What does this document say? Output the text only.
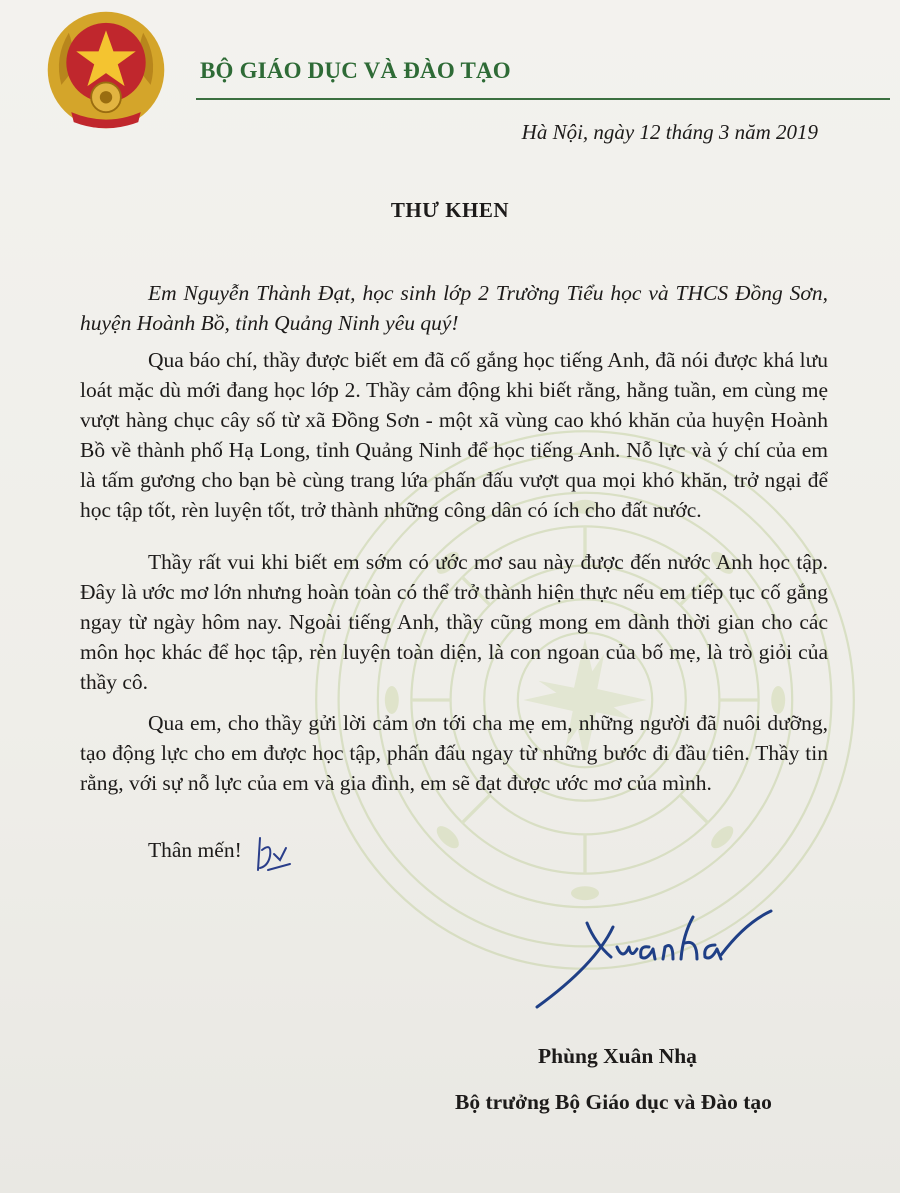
BỘ GIÁO DỤC VÀ ĐÀO TẠO
Hà Nội, ngày 12 tháng 3 năm 2019
THƯ KHEN

Em Nguyễn Thành Đạt, học sinh lớp 2 Trường Tiểu học và THCS Đồng Sơn, huyện Hoành Bồ, tỉnh Quảng Ninh yêu quý!

Qua báo chí, thầy được biết em đã cố gắng học tiếng Anh, đã nói được khá lưu loát mặc dù mới đang học lớp 2. Thầy cảm động khi biết rằng, hằng tuần, em cùng mẹ vượt hàng chục cây số từ xã Đồng Sơn - một xã vùng cao khó khăn của huyện Hoành Bồ về thành phố Hạ Long, tỉnh Quảng Ninh để học tiếng Anh. Nỗ lực và ý chí của em là tấm gương cho bạn bè cùng trang lứa phấn đấu vượt qua mọi khó khăn, trở ngại để học tập tốt, rèn luyện tốt, trở thành những công dân có ích cho đất nước.

Thầy rất vui khi biết em sớm có ước mơ sau này được đến nước Anh học tập. Đây là ước mơ lớn nhưng hoàn toàn có thể trở thành hiện thực nếu em tiếp tục cố gắng ngay từ ngày hôm nay. Ngoài tiếng Anh, thầy cũng mong em dành thời gian cho các môn học khác để học tập, rèn luyện toàn diện, là con ngoan của bố mẹ, là trò giỏi của thầy cô.

Qua em, cho thầy gửi lời cảm ơn tới cha mẹ em, những người đã nuôi dưỡng, tạo động lực cho em được học tập, phấn đấu ngay từ những bước đi đầu tiên. Thầy tin rằng, với sự nỗ lực của em và gia đình, em sẽ đạt được ước mơ của mình.

Thân mến!
Phùng Xuân Nhạ
Bộ trưởng Bộ Giáo dục và Đào tạo
